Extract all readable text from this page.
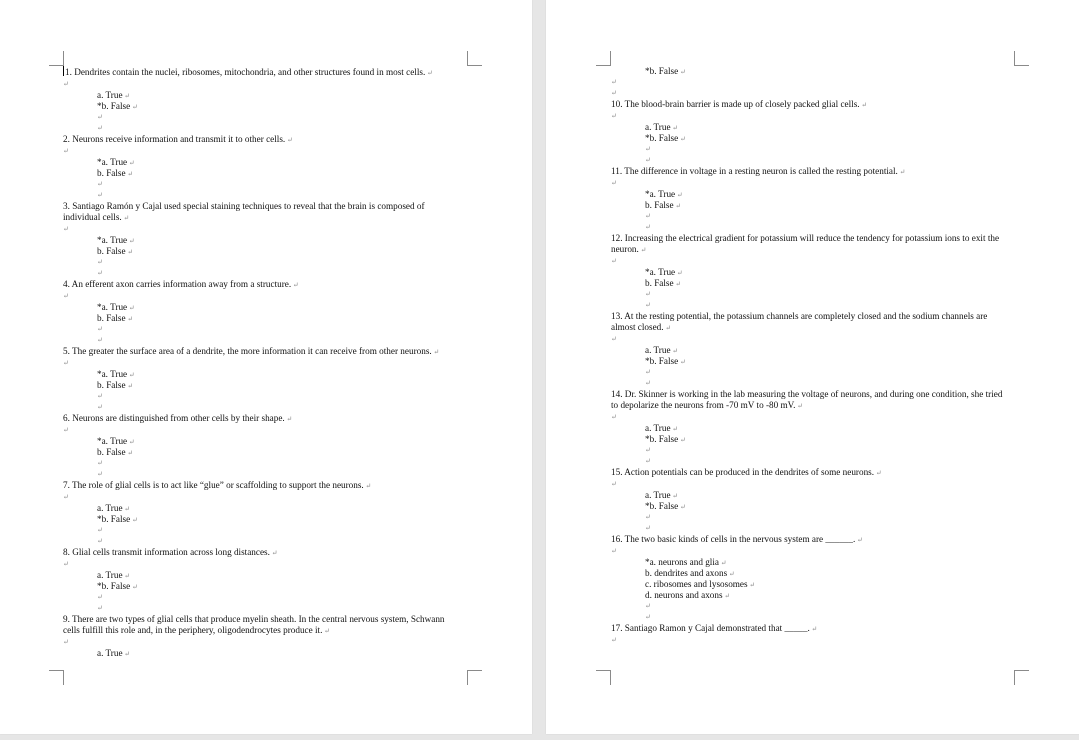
1. Dendrites contain the nuclei, ribosomes, mitochondria, and other structures found in most cells. ↵
↵
a. True ↵
*b. False ↵
↵
↵
2. Neurons receive information and transmit it to other cells. ↵
↵
*a. True ↵
b. False ↵
↵
↵
3. Santiago Ramón y Cajal used special staining techniques to reveal that the brain is composed of individual cells. ↵
↵
*a. True ↵
b. False ↵
↵
↵
4. An efferent axon carries information away from a structure. ↵
↵
*a. True ↵
b. False ↵
↵
↵
5. The greater the surface area of a dendrite, the more information it can receive from other neurons. ↵
↵
*a. True ↵
b. False ↵
↵
↵
6. Neurons are distinguished from other cells by their shape. ↵
↵
*a. True ↵
b. False ↵
↵
↵
7. The role of glial cells is to act like “glue” or scaffolding to support the neurons. ↵
↵
a. True ↵
*b. False ↵
↵
↵
8. Glial cells transmit information across long distances. ↵
↵
a. True ↵
*b. False ↵
↵
↵
9. There are two types of glial cells that produce myelin sheath. In the central nervous system, Schwann cells fulfill this role and, in the periphery, oligodendrocytes produce it. ↵
↵
a. True ↵
*b. False ↵
↵
↵
10. The blood-brain barrier is made up of closely packed glial cells. ↵
↵
a. True ↵
*b. False ↵
↵
↵
11. The difference in voltage in a resting neuron is called the resting potential. ↵
↵
*a. True ↵
b. False ↵
↵
↵
12. Increasing the electrical gradient for potassium will reduce the tendency for potassium ions to exit the neuron. ↵
↵
*a. True ↵
b. False ↵
↵
↵
13. At the resting potential, the potassium channels are completely closed and the sodium channels are almost closed. ↵
↵
a. True ↵
*b. False ↵
↵
↵
14. Dr. Skinner is working in the lab measuring the voltage of neurons, and during one condition, she tried to depolarize the neurons from -70 mV to -80 mV. ↵
↵
a. True ↵
*b. False ↵
↵
↵
15. Action potentials can be produced in the dendrites of some neurons. ↵
↵
a. True ↵
*b. False ↵
↵
↵
16. The two basic kinds of cells in the nervous system are ______. ↵
↵
*a. neurons and glia ↵
b. dendrites and axons ↵
c. ribosomes and lysosomes ↵
d. neurons and axons ↵
↵
↵
17. Santiago Ramon y Cajal demonstrated that _____. ↵
↵
